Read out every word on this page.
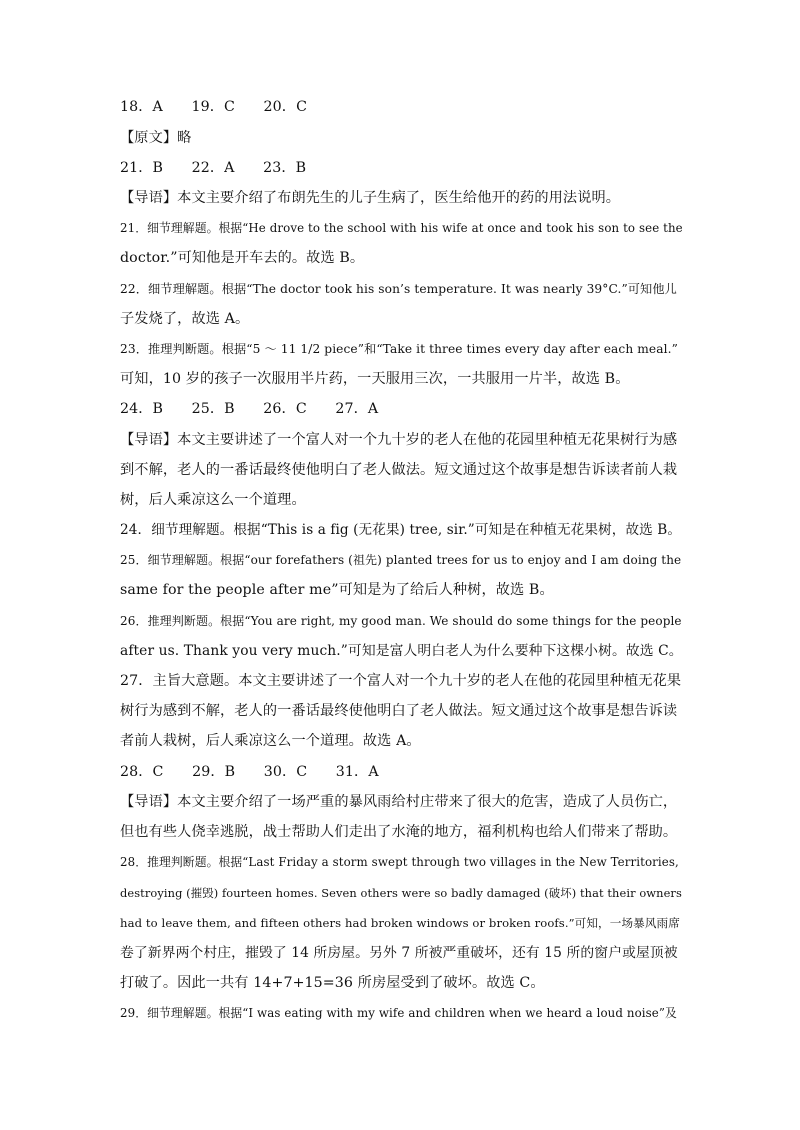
18．A　　19．C　　20．C
【原文】略
21．B　　22．A　　23．B
【导语】本文主要介绍了布朗先生的儿子生病了，医生给他开的药的用法说明。
21．细节理解题。根据“He drove to the school with his wife at once and took his son to see the
doctor.”可知他是开车去的。故选 B。
22．细节理解题。根据“The doctor took his son’s temperature. It was nearly 39°C.”可知他儿
子发烧了，故选 A。
23．推理判断题。根据“5 ～ 11 1/2 piece”和“Take it three times every day after each meal.”
可知，10 岁的孩子一次服用半片药，一天服用三次，一共服用一片半，故选 B。
24．B　　25．B　　26．C　　27．A
【导语】本文主要讲述了一个富人对一个九十岁的老人在他的花园里种植无花果树行为感
到不解，老人的一番话最终使他明白了老人做法。短文通过这个故事是想告诉读者前人栽
树，后人乘凉这么一个道理。
24．细节理解题。根据“This is a fig (无花果) tree, sir.”可知是在种植无花果树，故选 B。
25．细节理解题。根据“our forefathers (祖先) planted trees for us to enjoy and I am doing the
same for the people after me”可知是为了给后人种树，故选 B。
26．推理判断题。根据“You are right, my good man. We should do some things for the people
after us. Thank you very much.”可知是富人明白老人为什么要种下这棵小树。故选 C。
27．主旨大意题。本文主要讲述了一个富人对一个九十岁的老人在他的花园里种植无花果
树行为感到不解，老人的一番话最终使他明白了老人做法。短文通过这个故事是想告诉读
者前人栽树，后人乘凉这么一个道理。故选 A。
28．C　　29．B　　30．C　　31．A
【导语】本文主要介绍了一场严重的暴风雨给村庄带来了很大的危害，造成了人员伤亡，
但也有些人侥幸逃脱，战士帮助人们走出了水淹的地方，福利机构也给人们带来了帮助。
28．推理判断题。根据“Last Friday a storm swept through two villages in the New Territories,
destroying (摧毁) fourteen homes. Seven others were so badly damaged (破坏) that their owners
had to leave them, and fifteen others had broken windows or broken roofs.”可知，一场暴风雨席
卷了新界两个村庄，摧毁了 14 所房屋。另外 7 所被严重破坏，还有 15 所的窗户或屋顶被
打破了。因此一共有 14+7+15=36 所房屋受到了破坏。故选 C。
29．细节理解题。根据“I was eating with my wife and children when we heard a loud noise”及
